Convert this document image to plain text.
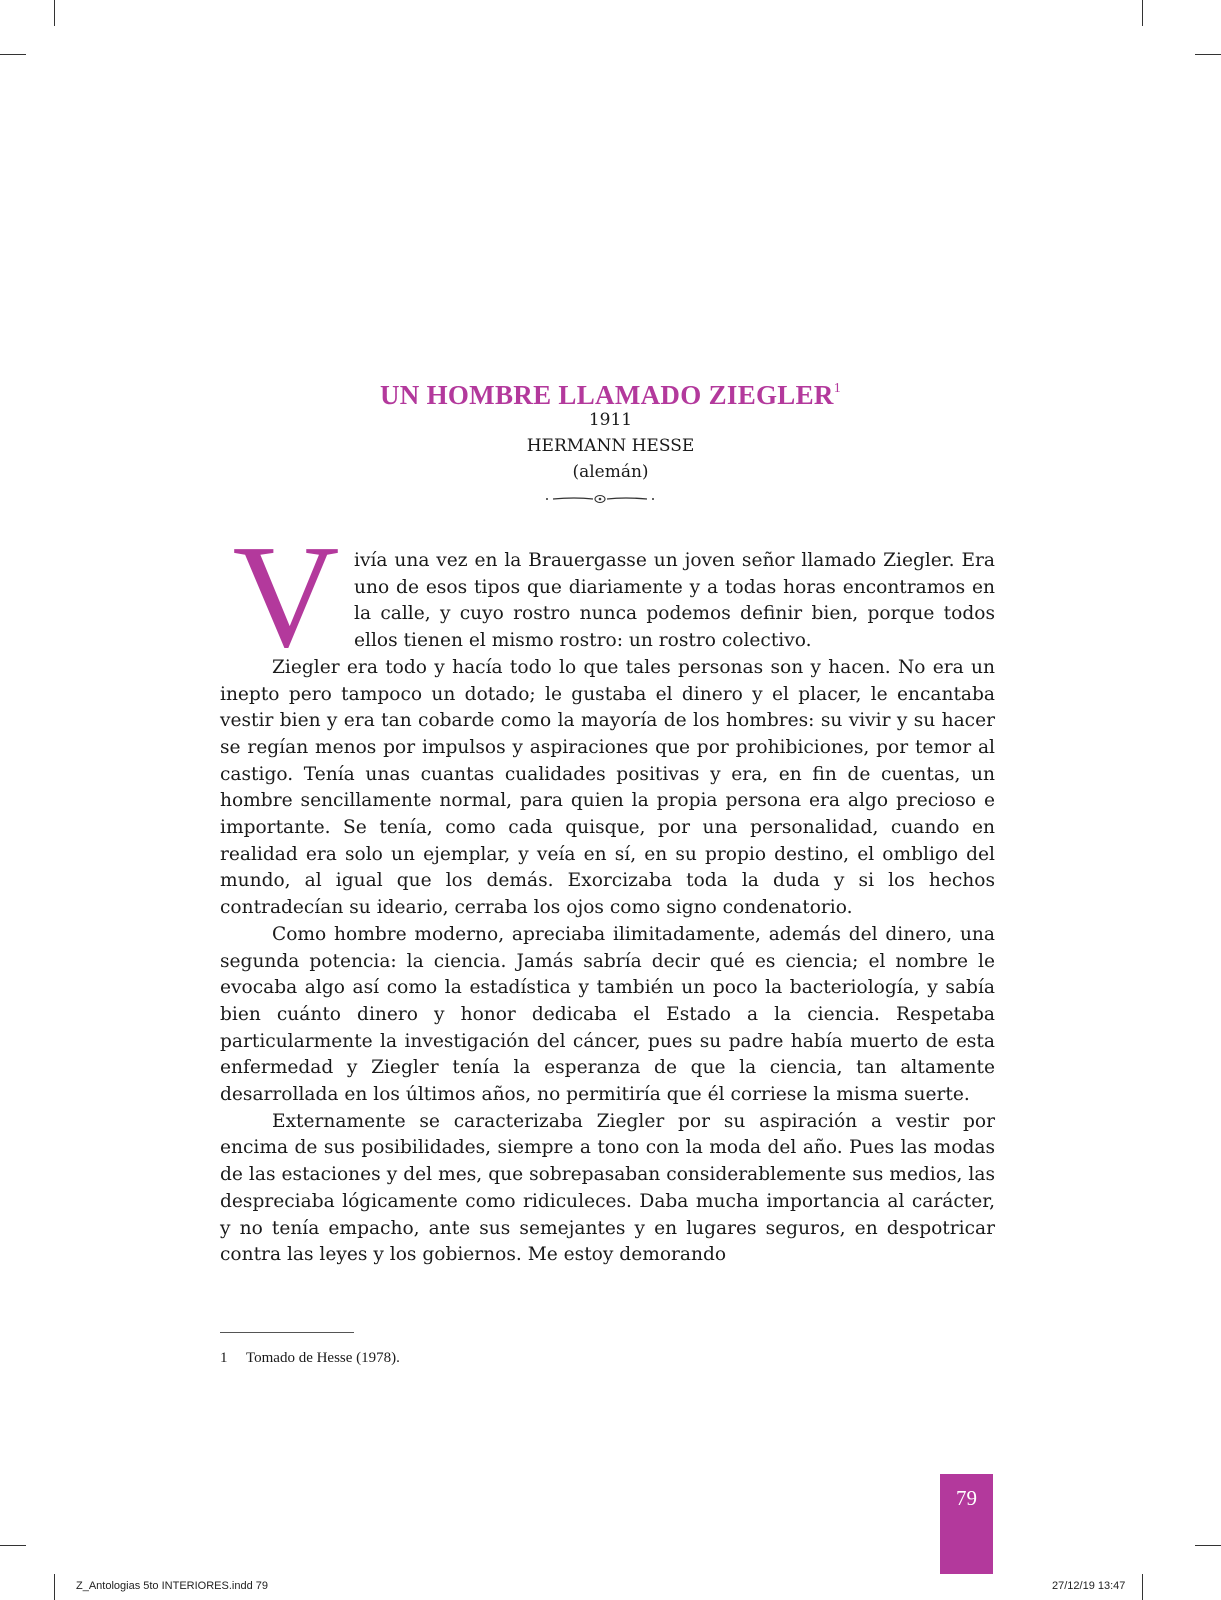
UN HOMBRE LLAMADO ZIEGLER$^1$
1911
HERMANN HESSE
(alemán)
V ivía una vez en la Brauergasse un joven señor llamado Ziegler. Era uno de esos tipos que diariamente y a todas horas encontramos en la calle, y cuyo rostro nunca podemos definir bien, porque todos ellos tienen el mismo rostro: un rostro colectivo.

Ziegler era todo y hacía todo lo que tales personas son y hacen. No era un inepto pero tampoco un dotado; le gustaba el dinero y el placer, le encantaba vestir bien y era tan cobarde como la mayoría de los hombres: su vivir y su hacer se regían menos por impulsos y aspiraciones que por prohibiciones, por temor al castigo. Tenía unas cuantas cualidades positivas y era, en fin de cuentas, un hombre sencillamente normal, para quien la propia persona era algo precioso e importante. Se tenía, como cada quisque, por una personalidad, cuando en realidad era solo un ejemplar, y veía en sí, en su propio destino, el ombligo del mundo, al igual que los demás. Exorcizaba toda la duda y si los hechos contradecían su ideario, cerraba los ojos como signo condenatorio.

Como hombre moderno, apreciaba ilimitadamente, además del dinero, una segunda potencia: la ciencia. Jamás sabría decir qué es ciencia; el nombre le evocaba algo así como la estadística y también un poco la bacteriología, y sabía bien cuánto dinero y honor dedicaba el Estado a la ciencia. Respetaba particularmente la investigación del cáncer, pues su padre había muerto de esta enfermedad y Ziegler tenía la esperanza de que la ciencia, tan altamente desarrollada en los últimos años, no permitiría que él corriese la misma suerte.

Externamente se caracterizaba Ziegler por su aspiración a vestir por encima de sus posibilidades, siempre a tono con la moda del año. Pues las modas de las estaciones y del mes, que sobrepasaban considerablemente sus medios, las despreciaba lógicamente como ridiculeces. Daba mucha importancia al carácter, y no tenía empacho, ante sus semejantes y en lugares seguros, en despotricar contra las leyes y los gobiernos. Me estoy demorando

1 Tomado de Hesse (1978).
79
Z_Antologias 5to INTERIORES.indd 79	27/12/19 13:47
